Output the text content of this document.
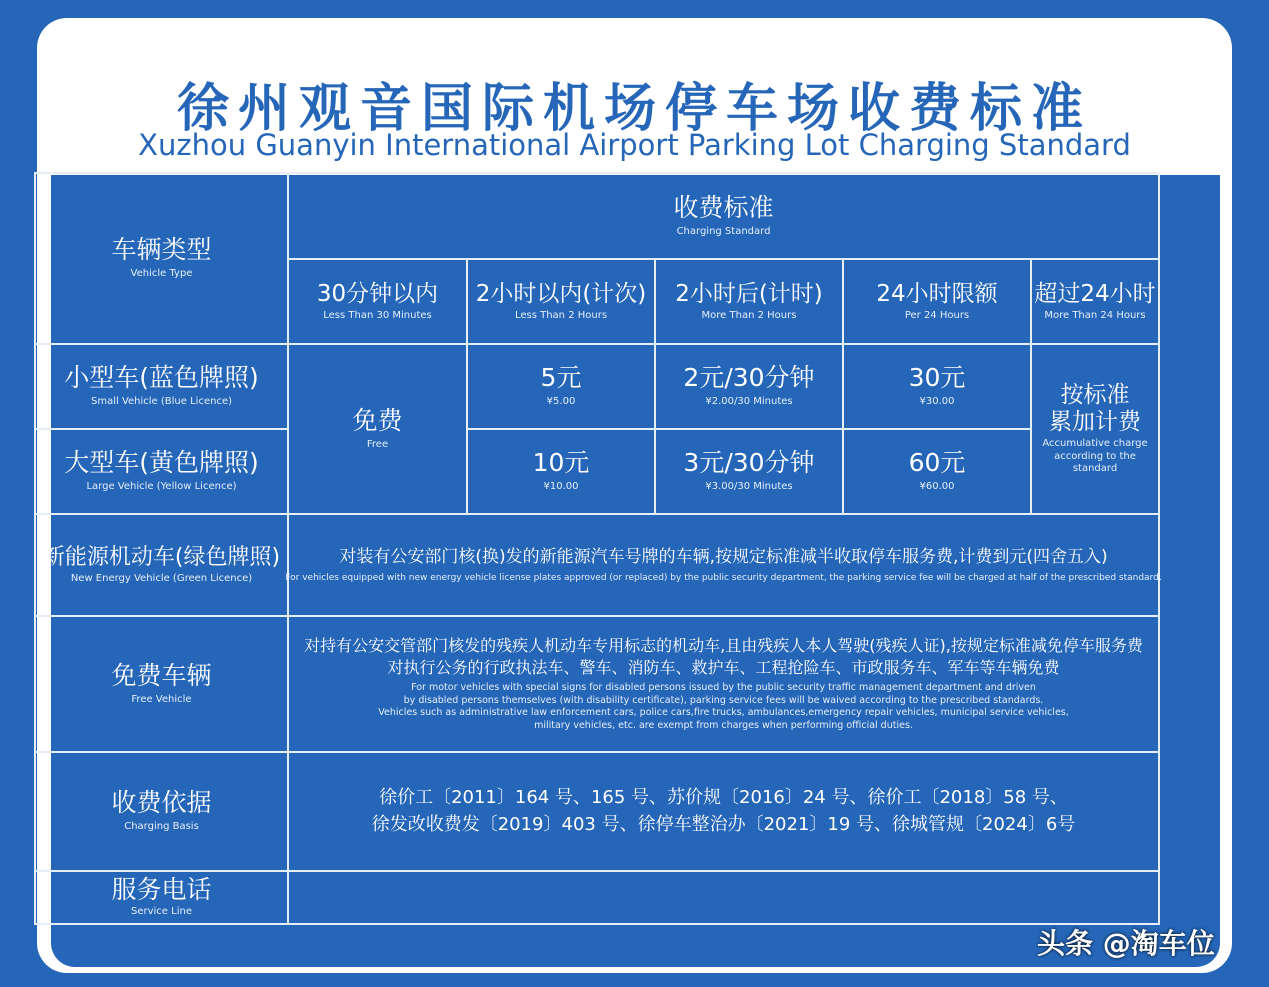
徐州观音国际机场停车场收费标准
Xuzhou Guanyin International Airport Parking Lot Charging Standard
车辆类型
Vehicle Type
收费标准
Charging Standard
30分钟以内
Less Than 30 Minutes
2小时以内(计次)
Less Than 2 Hours
2小时后(计时)
More Than 2 Hours
24小时限额
Per 24 Hours
超过24小时
More Than 24 Hours
小型车(蓝色牌照)
Small Vehicle (Blue Licence)
5元
¥5.00
2元/30分钟
¥2.00/30 Minutes
30元
¥30.00
大型车(黄色牌照)
Large Vehicle (Yellow Licence)
10元
¥10.00
3元/30分钟
¥3.00/30 Minutes
60元
¥60.00
免费
Free
按标准
累加计费
Accumulative charge according to the standard
新能源机动车(绿色牌照)
New Energy Vehicle (Green Licence)
对装有公安部门核(换)发的新能源汽车号牌的车辆,按规定标准减半收取停车服务费,计费到元(四舍五入)
For vehicles equipped with new energy vehicle license plates approved (or replaced) by the public security department, the parking service fee will be charged at half of the prescribed standard.
免费车辆
Free Vehicle
对持有公安交管部门核发的残疾人机动车专用标志的机动车,且由残疾人本人驾驶(残疾人证),按规定标准减免停车服务费
对执行公务的行政执法车、警车、消防车、救护车、工程抢险车、市政服务车、军车等车辆免费
For motor vehicles with special signs for disabled persons issued by the public security traffic management department and driven
by disabled persons themselves (with disability certificate), parking service fees will be waived according to the prescribed standards.
Vehicles such as administrative law enforcement cars, police cars,fire trucks, ambulances,emergency repair vehicles, municipal service vehicles,
military vehicles, etc. are exempt from charges when performing official duties.
收费依据
Charging Basis
徐价工〔2011〕164 号、165 号、苏价规〔2016〕24 号、徐价工〔2018〕58 号、
徐发改收费发〔2019〕403 号、徐停车整治办〔2021〕19 号、徐城管规〔2024〕6号
服务电话
Service Line
头条 @淘车位
